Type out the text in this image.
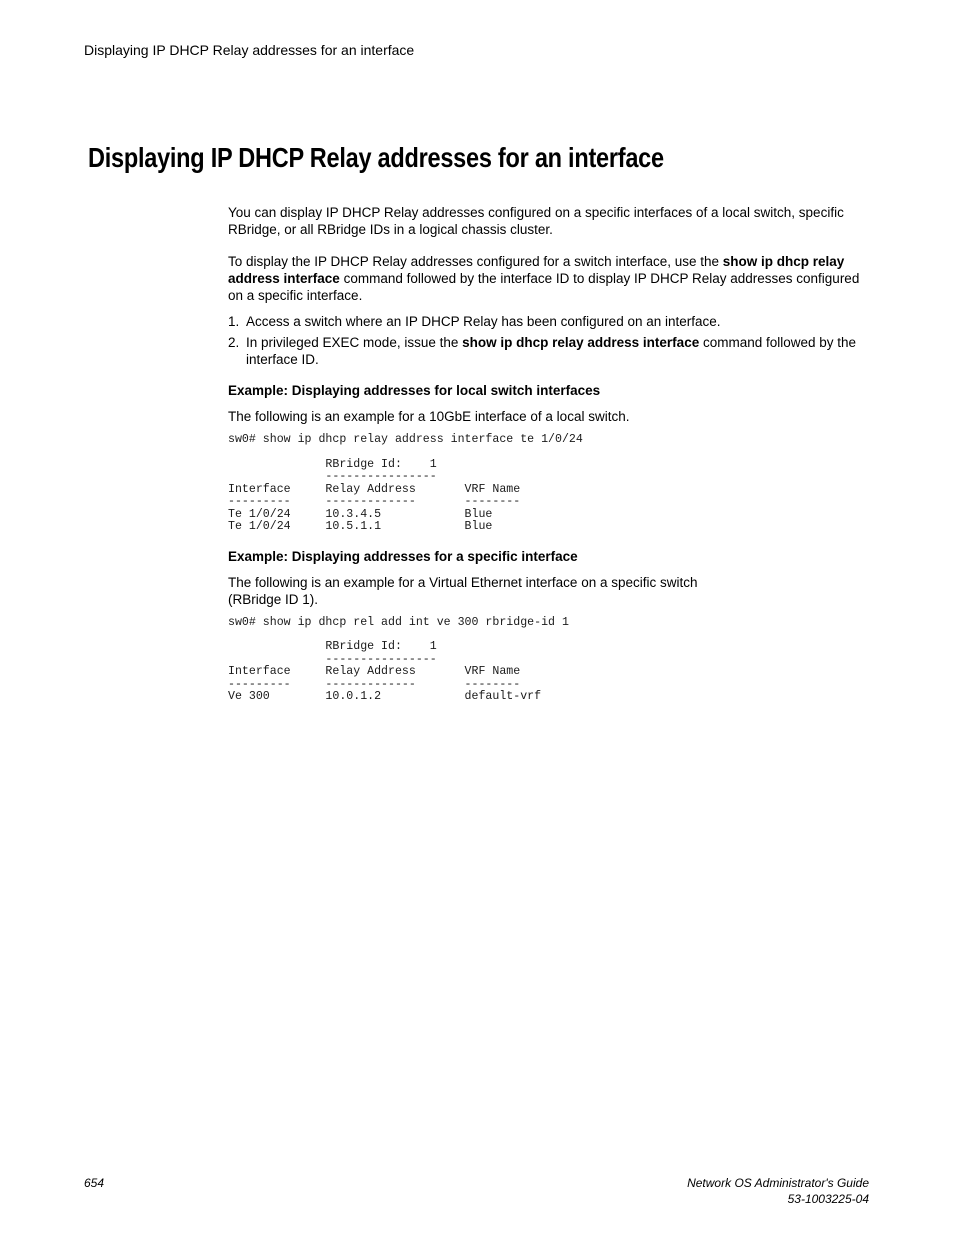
Displaying IP DHCP Relay addresses for an interface
Displaying IP DHCP Relay addresses for an interface

You can display IP DHCP Relay addresses configured on a specific interfaces of a local switch, specific RBridge, or all RBridge IDs in a logical chassis cluster.

To display the IP DHCP Relay addresses configured for a switch interface, use the show ip dhcp relay address interface command followed by the interface ID to display IP DHCP Relay addresses configured on a specific interface.

1. Access a switch where an IP DHCP Relay has been configured on an interface.
2. In privileged EXEC mode, issue the show ip dhcp relay address interface command followed by the interface ID.

Example: Displaying addresses for local switch interfaces

The following is an example for a 10GbE interface of a local switch.

sw0# show ip dhcp relay address interface te 1/0/24
RBridge Id:    1
----------------
Interface     Relay Address       VRF Name
---------     -------------       --------
Te 1/0/24     10.3.4.5            Blue
Te 1/0/24     10.5.1.1            Blue

Example: Displaying addresses for a specific interface

The following is an example for a Virtual Ethernet interface on a specific switch
(RBridge ID 1).

sw0# show ip dhcp rel add int ve 300 rbridge-id 1
RBridge Id:    1
----------------
Interface     Relay Address       VRF Name
---------     -------------       --------
Ve 300        10.0.1.2            default-vrf
654	Network OS Administrator's Guide
53-1003225-04
